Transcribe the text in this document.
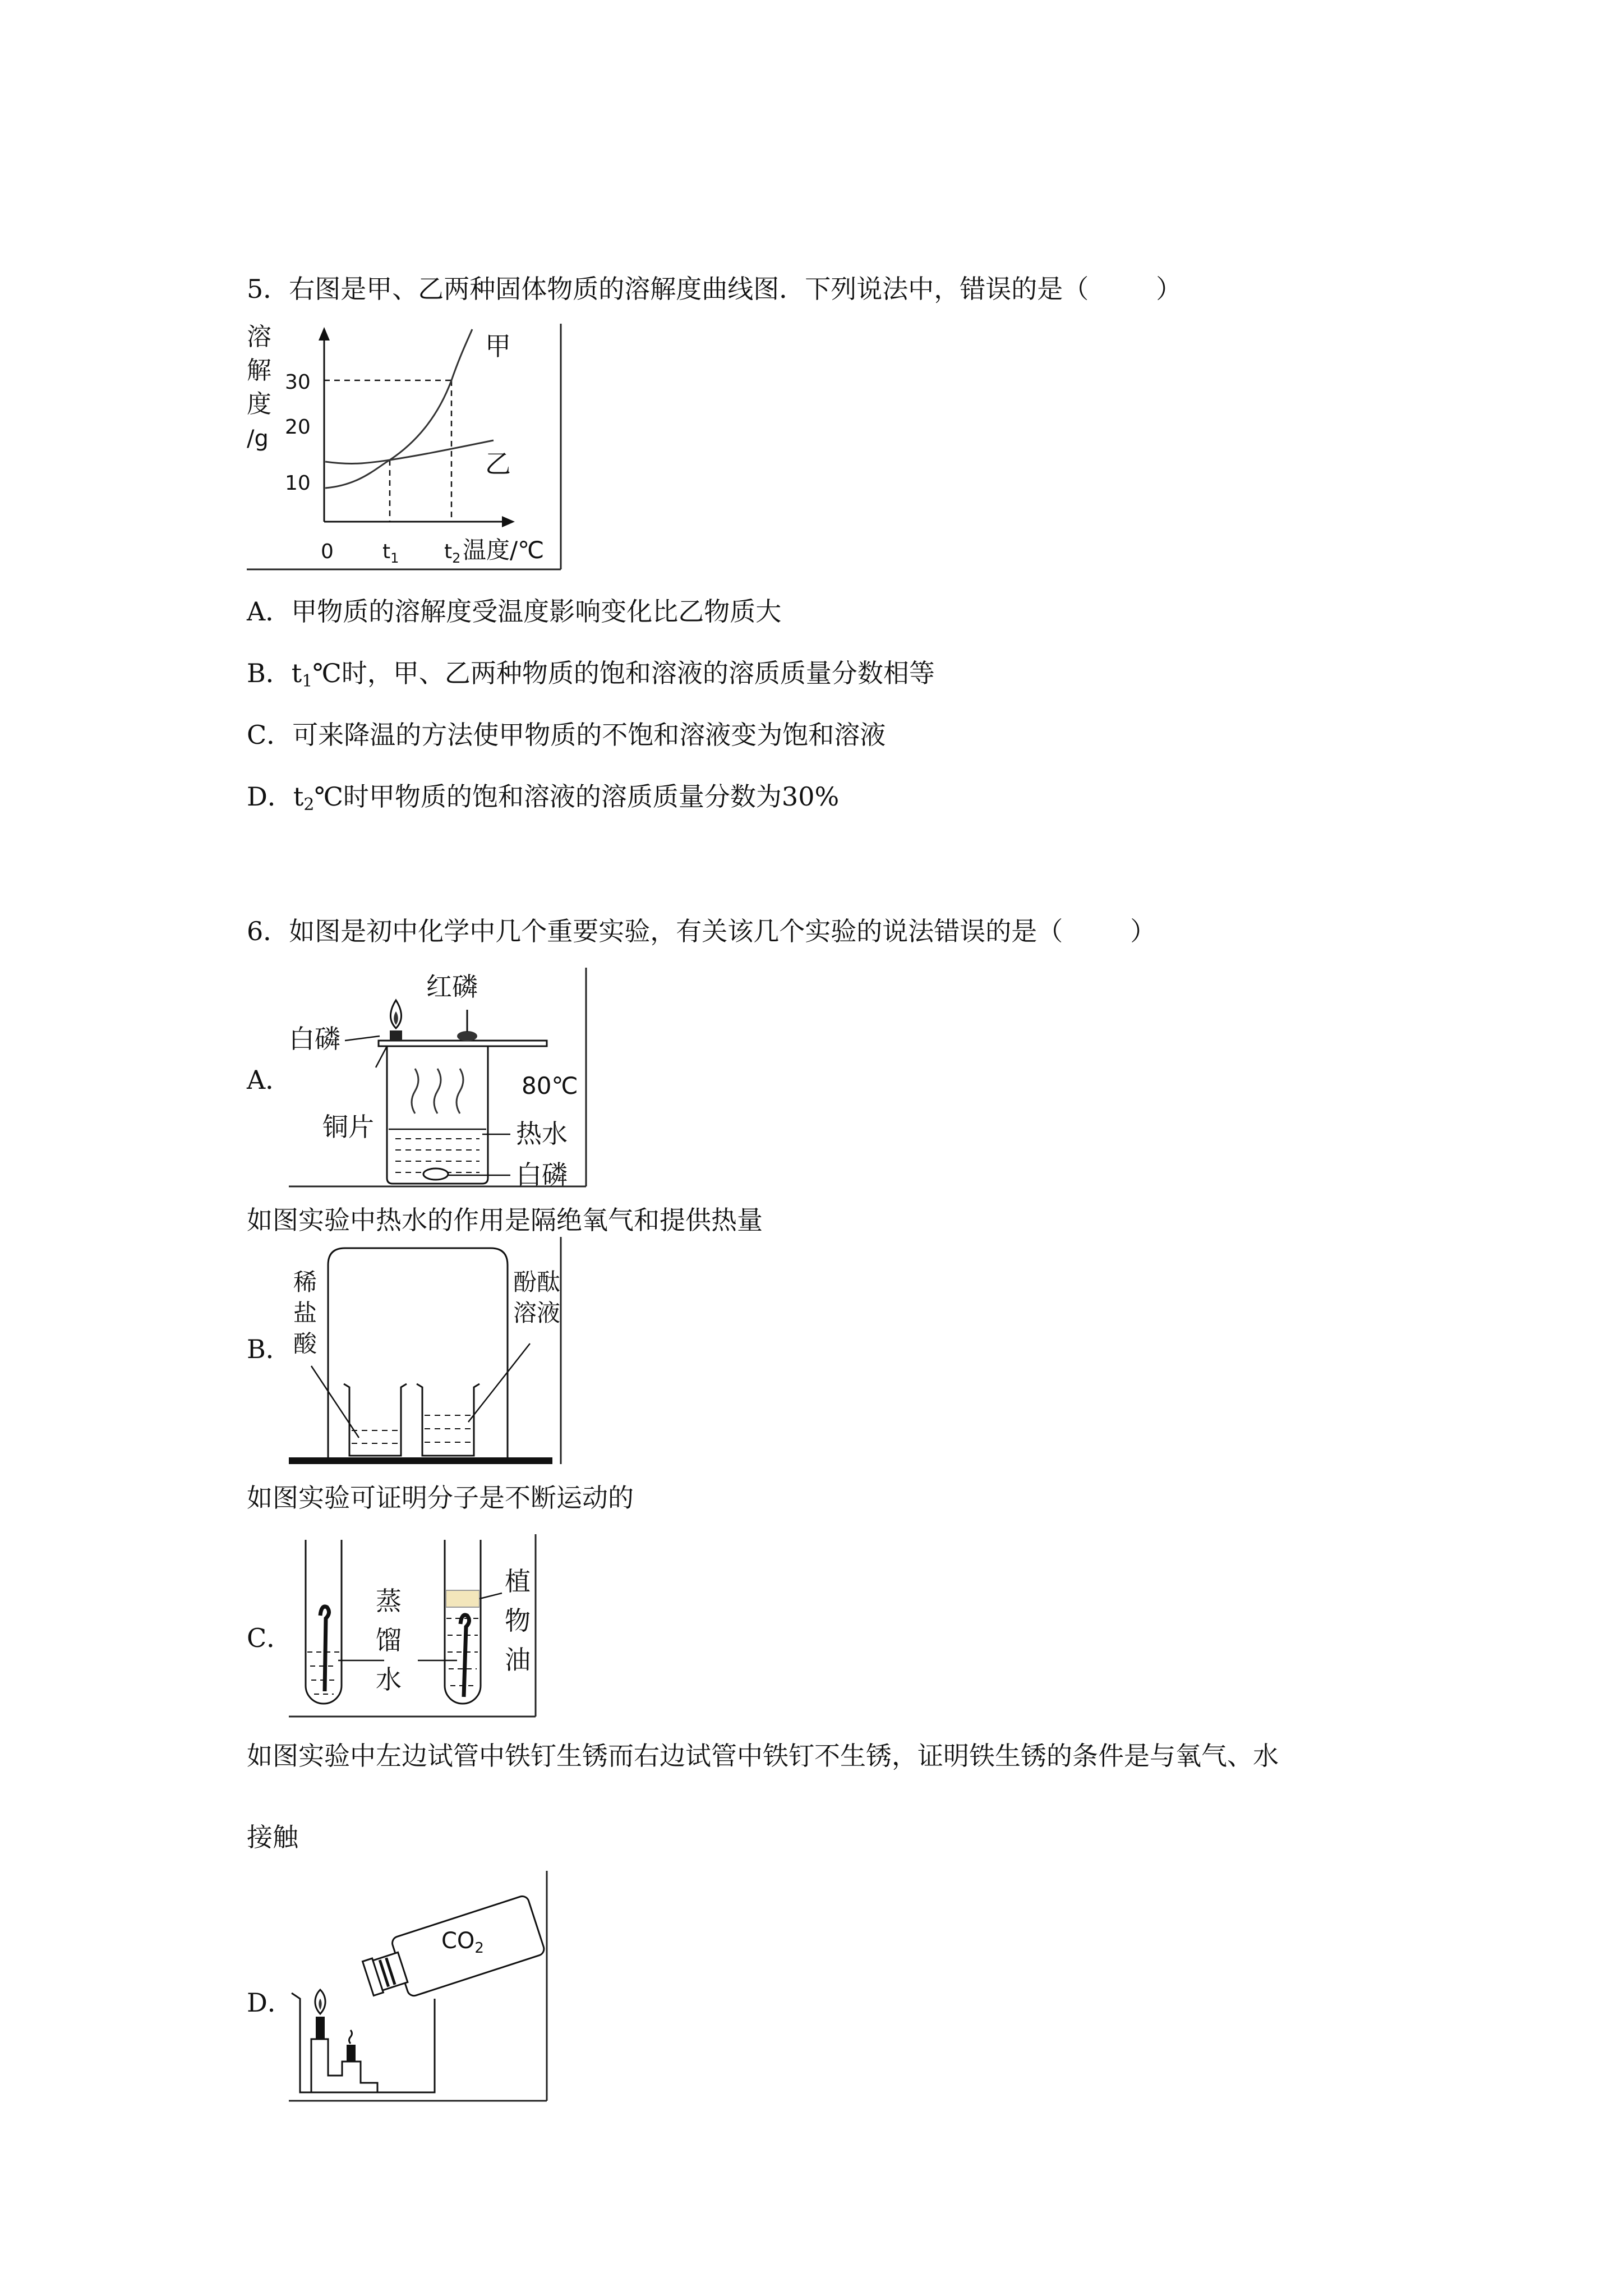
5．右图是甲、乙两种固体物质的溶解度曲线图．下列说法中，错误的是（	）
溶
解
度
/g
30
20
10
0 $t_1$ $t_2$ 温度/℃
甲
乙
A．甲物质的溶解度受温度影响变化比乙物质大
B．$t_1℃$时，甲、乙两种物质的饱和溶液的溶质质量分数相等
C．可来降温的方法使甲物质的不饱和溶液变为饱和溶液
D．$t_2℃$时甲物质的饱和溶液的溶质质量分数为30%
6．如图是初中化学中几个重要实验，有关该几个实验的说法错误的是（	）
A．
红磷
白磷
80℃
铜片	热水
白磷
如图实验中热水的作用是隔绝氧气和提供热量
B．
稀
盐
酸
酚酞
溶液
如图实验可证明分子是不断运动的
C．
蒸
馏
水
植
物
油
如图实验中左边试管中铁钉生锈而右边试管中铁钉不生锈，证明铁生锈的条件是与氧气、水
接触
D．
$CO_2$
